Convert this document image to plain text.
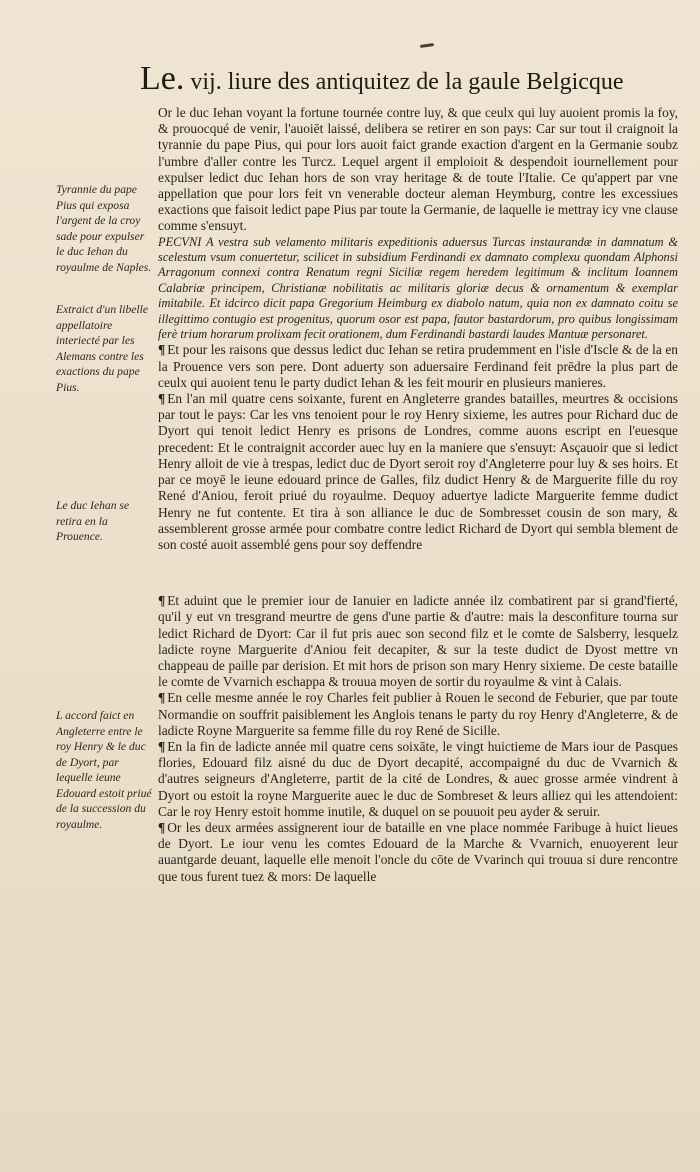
Le. vij. liure des antiquitez de la gaule Belgicque
Tyrannie du pape Pius qui exposa l'argent de la croy sade pour expulser le duc Iehan du royaulme de Naples.
Extraict d'un libelle appellatoire interiecté par les Alemans contre les exactions du pape Pius.
Le duc Iehan se retira en la Prouence.
L accord faict en Angleterre entre le roy Henry & le duc de Dyort, par lequelle ieune Edouard estoit priué de la succession du royaulme.

Or le duc Iehan voyant la fortune tournée contre luy, & que ceulx qui luy auoient promis la foy, & prouocqué de venir, l'auoiēt laissé, delibera se retirer en son pays: Car sur tout il craignoit la tyrannie du pape Pius, qui pour lors auoit faict grande exaction d'argent en la Germanie soubz l'umbre d'aller contre les Turcz. Lequel argent il emploioit & despendoit iournellement pour expulser ledict duc Iehan hors de son vray heritage & de toute l'Italie. Ce qu'appert par vne appellation que pour lors feit vn venerable docteur aleman Heymburg, contre les excessiues exactions que faisoit ledict pape Pius par toute la Germanie, de laquelle ie mettray icy vne clause comme s'ensuyt.

PECVNI A vestra sub velamento militaris expeditionis aduersus Turcas instaurandæ in damnatum & scelestum vsum conuertetur, scilicet in subsidium Ferdinandi ex damnato complexu quondam Alphonsi Arragonum connexi contra Renatum regni Siciliæ regem heredem legitimum & inclitum Ioannem Calabriæ principem, Christianæ nobilitatis ac militaris gloriæ decus & ornamentum & exemplar imitabile. Et idcirco dicit papa Gregorium Heimburg ex diabolo natum, quia non ex damnato coitu se illegittimo contugio est progenitus, quorum osor est papa, fautor bastardorum, pro quibus longissimam ferè trium horarum prolixam fecit orationem, dum Ferdinandi bastardi laudes Mantuæ personaret.

¶ Et pour les raisons que dessus ledict duc Iehan se retira prudemment en l'isle d'Iscle & de la en la Prouence vers son pere. Dont aduerty son aduersaire Ferdinand feit prēdre la plus part de ceulx qui auoient tenu le party dudict Iehan & les feit mourir en plusieurs manieres.

¶ En l'an mil quatre cens soixante, furent en Angleterre grandes batailles, meurtres & occisions par tout le pays: Car les vns tenoient pour le roy Henry sixieme, les autres pour Richard duc de Dyort qui tenoit ledict Henry es prisons de Londres, comme auons escript en l'euesque precedent: Et le contraignit accorder auec luy en la maniere que s'ensuyt: Asçauoir que si ledict Henry alloit de vie à trespas, ledict duc de Dyort seroit roy d'Angleterre pour luy & ses hoirs. Et par ce moyē le ieune edouard prince de Galles, filz dudict Henry & de Marguerite fille du roy René d'Aniou, feroit priué du royaulme. Dequoy aduertye ladicte Marguerite femme dudict Henry ne fut contente. Et tira à son alliance le duc de Sombresset cousin de son mary, & assemblerent grosse armée pour combatre contre ledict Richard de Dyort qui sembla blement de son costé auoit assemblé gens pour soy deffendre

¶ Et aduint que le premier iour de Ianuier en ladicte année ilz combatirent par si grand'fierté, qu'il y eut vn tresgrand meurtre de gens d'une partie & d'autre: mais la desconfiture tourna sur ledict Richard de Dyort: Car il fut pris auec son second filz et le comte de Salsberry, lesquelz ladicte royne Marguerite d'Aniou feit decapiter, & sur la teste dudict de Dyost mettre vn chappeau de paille par derision. Et mit hors de prison son mary Henry sixieme. De ceste bataille le comte de Vvarnich eschappa & trouua moyen de sortir du royaulme & vint à Calais.

¶ En celle mesme année le roy Charles feit publier à Rouen le second de Feburier, que par toute Normandie on souffrit paisiblement les Anglois tenans le party du roy Henry d'Angleterre, & de ladicte Royne Marguerite sa femme fille du roy René de Sicille.

¶ En la fin de ladicte année mil quatre cens soixāte, le vingt huictieme de Mars iour de Pasques flories, Edouard filz aisné du duc de Dyort decapité, accompaigné du duc de Vvarnich & d'autres seigneurs d'Angleterre, partit de la cité de Londres, & auec grosse armée vindrent à Dyort ou estoit la royne Marguerite auec le duc de Sombreset & leurs alliez qui les attendoient: Car le roy Henry estoit homme inutile, & duquel on se pouuoit peu ayder & seruir.

¶ Or les deux armées assignerent iour de bataille en vne place nommée Faribuge à huict lieues de Dyort. Le iour venu les comtes Edouard de la Marche & Vvarnich, enuoyerent leur auantgarde deuant, laquelle elle menoit l'oncle du cōte de Vvarinch qui trouua si dure rencontre que tous furent tuez & mors: De laquelle
